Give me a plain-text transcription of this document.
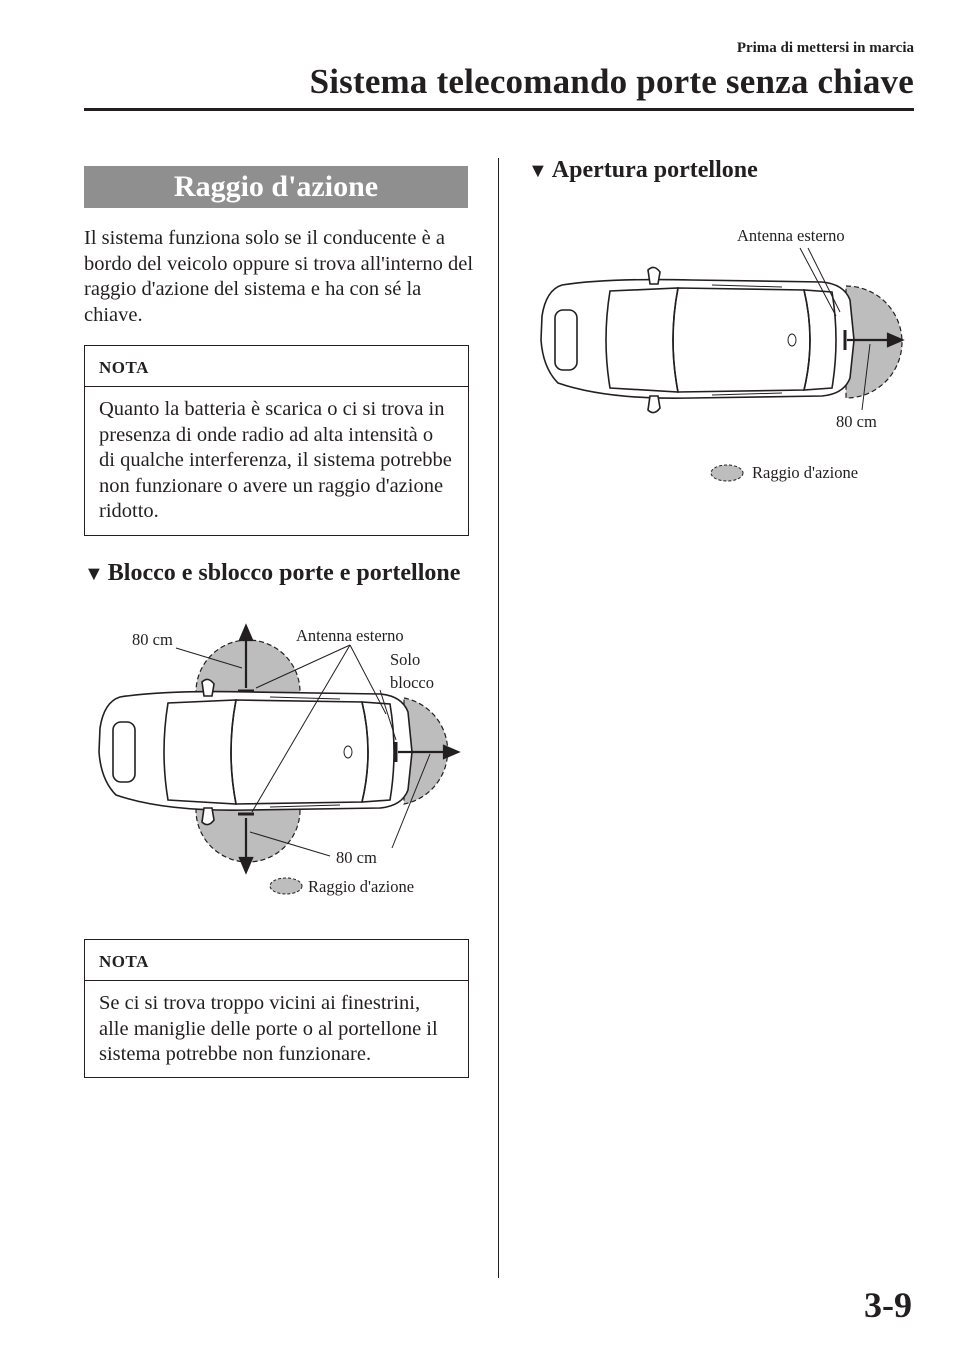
Prima di mettersi in marcia
Sistema telecomando porte senza chiave
Raggio d'azione
Il sistema funziona solo se il conducente è a bordo del veicolo oppure si trova all'interno del raggio d'azione del sistema e ha con sé la chiave.
NOTA
Quanto la batteria è scarica o ci si trova in presenza di onde radio ad alta intensità o di qualche interferenza, il sistema potrebbe non funzionare o avere un raggio d'azione ridotto.
▼ Blocco e sblocco porte e portellone
80 cm	Antenna esterno
Solo
blocco
80 cm
Raggio d'azione
NOTA
Se ci si trova troppo vicini ai finestrini, alle maniglie delle porte o al portellone il sistema potrebbe non funzionare.
▼ Apertura portellone
Antenna esterno
80 cm
Raggio d'azione
3-9
